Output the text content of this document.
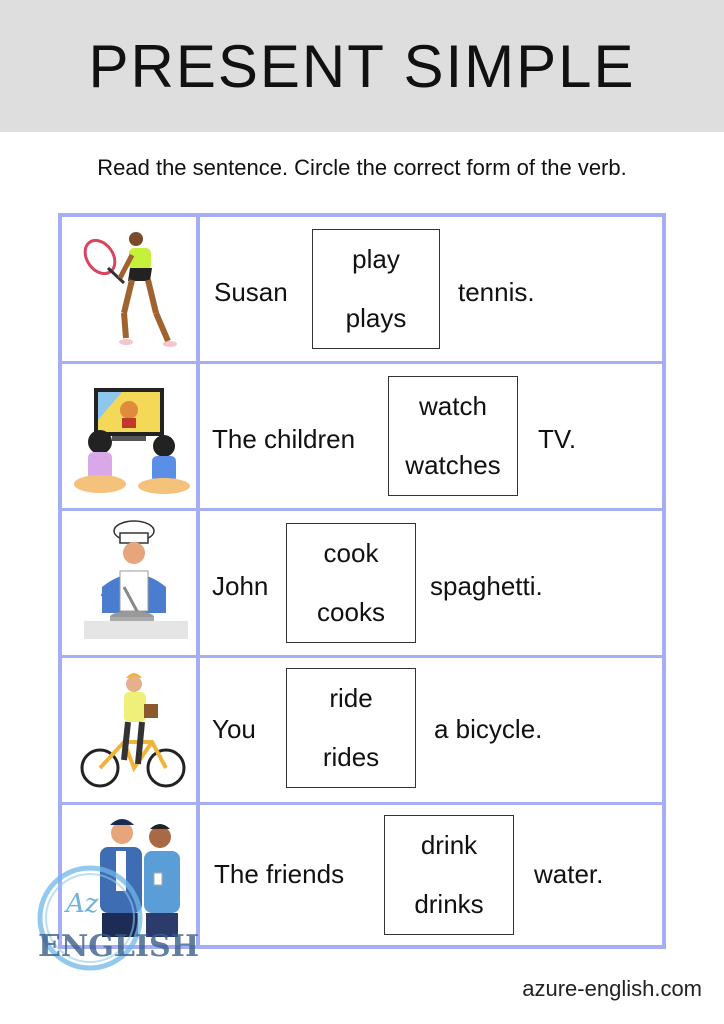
PRESENT SIMPLE
Read the sentence. Circle the correct form of the verb.
Susan
play
plays
tennis.
The children
watch
watches
TV.
John
cook
cooks
spaghetti.
You
ride
rides
a bicycle.
The friends
drink
drinks
water.
Az
ENGLISH
azure-english.com
